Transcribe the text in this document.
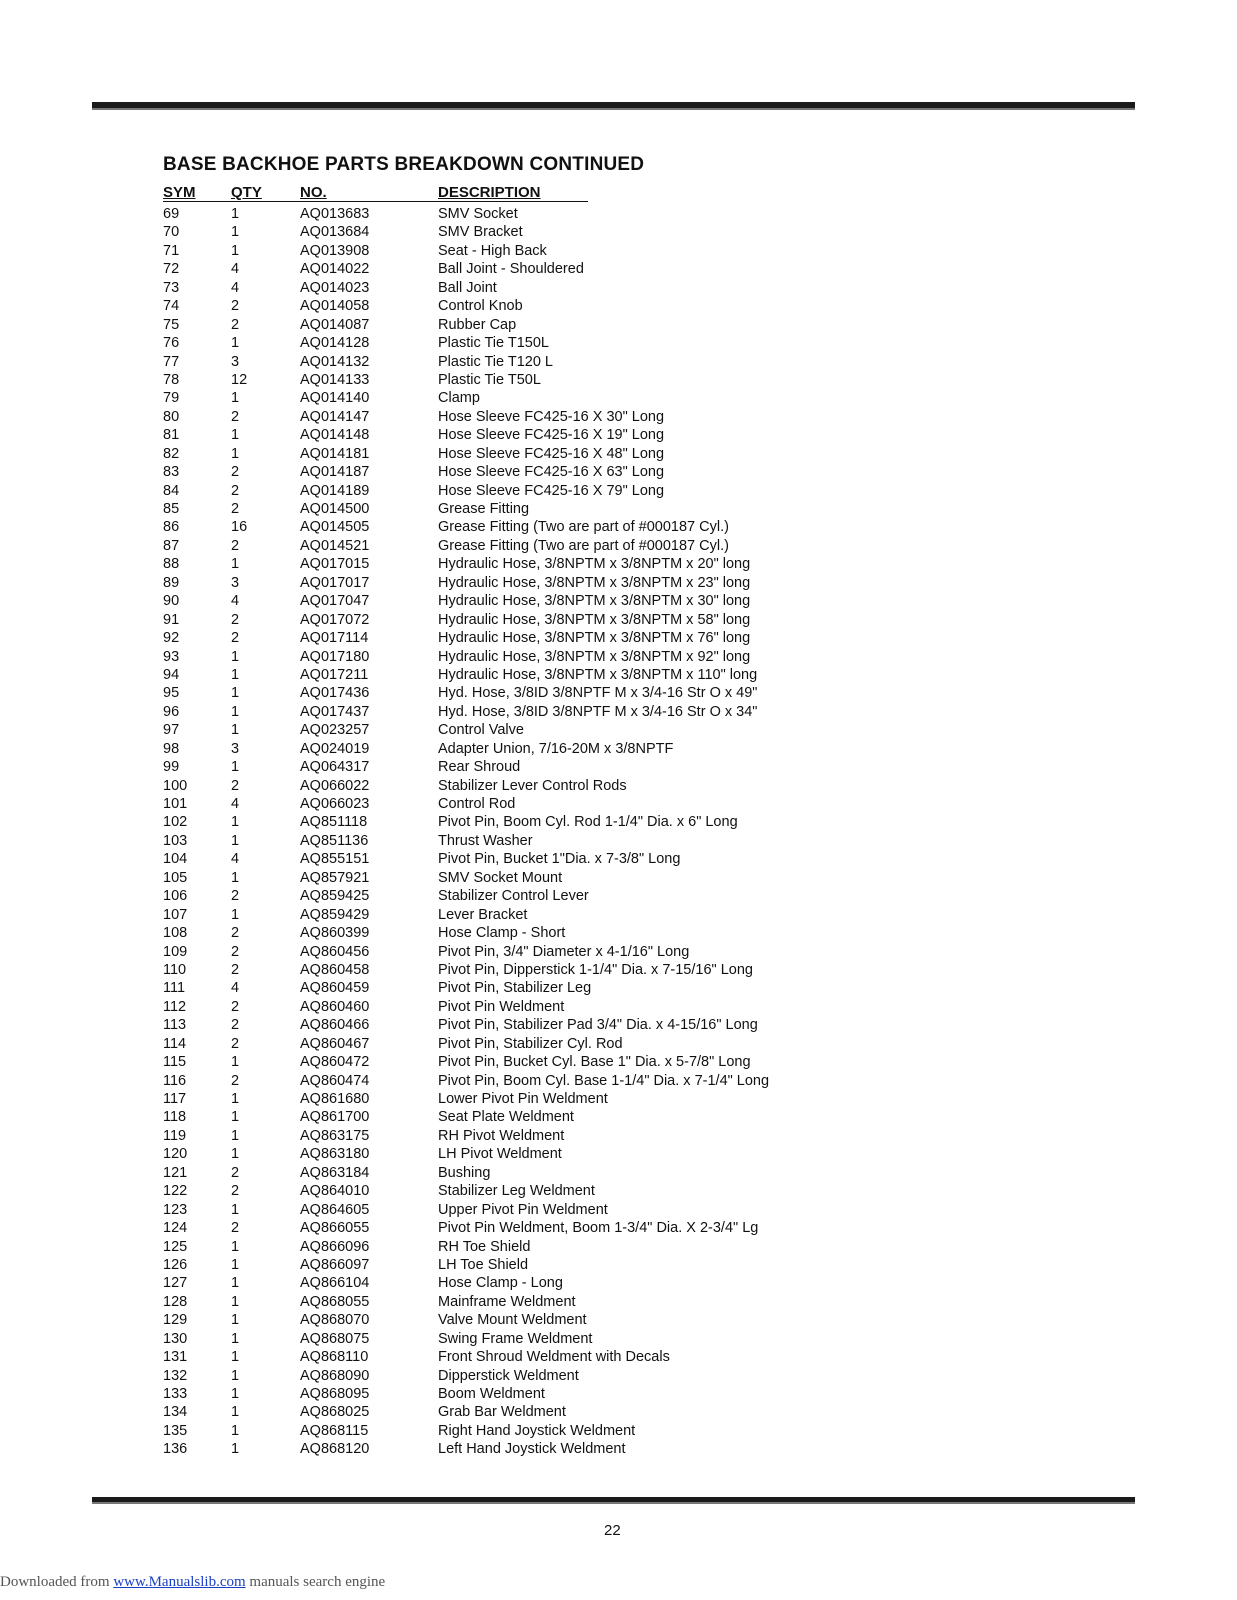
BASE BACKHOE PARTS BREAKDOWN CONTINUED
SYM QTY	NO.	DESCRIPTION
69	1	AQ013683	SMV Socket
70	1	AQ013684	SMV Bracket
71	1	AQ013908	Seat - High Back
72	4	AQ014022	Ball Joint - Shouldered
73	4	AQ014023	Ball Joint
74	2	AQ014058	Control Knob
75	2	AQ014087	Rubber Cap
76	1	AQ014128	Plastic Tie T150L
77	3	AQ014132	Plastic Tie T120 L
78	12	AQ014133	Plastic Tie T50L
79	1	AQ014140	Clamp
80	2	AQ014147	Hose Sleeve FC425-16 X 30" Long
81	1	AQ014148	Hose Sleeve FC425-16 X 19" Long
82	1	AQ014181	Hose Sleeve FC425-16 X 48" Long
83	2	AQ014187	Hose Sleeve FC425-16 X 63" Long
84	2	AQ014189	Hose Sleeve FC425-16 X 79" Long
85	2	AQ014500	Grease Fitting
86	16	AQ014505	Grease Fitting (Two are part of #000187 Cyl.)
87	2	AQ014521	Grease Fitting (Two are part of #000187 Cyl.)
88	1	AQ017015	Hydraulic Hose, 3/8NPTM x 3/8NPTM x 20" long
89	3	AQ017017	Hydraulic Hose, 3/8NPTM x 3/8NPTM x 23" long
90	4	AQ017047	Hydraulic Hose, 3/8NPTM x 3/8NPTM x 30" long
91	2	AQ017072	Hydraulic Hose, 3/8NPTM x 3/8NPTM x 58" long
92	2	AQ017114	Hydraulic Hose, 3/8NPTM x 3/8NPTM x 76" long
93	1	AQ017180	Hydraulic Hose, 3/8NPTM x 3/8NPTM x 92" long
94	1	AQ017211	Hydraulic Hose, 3/8NPTM x 3/8NPTM x 110" long
95	1	AQ017436	Hyd. Hose, 3/8ID 3/8NPTF M x 3/4-16 Str O x 49"
96	1	AQ017437	Hyd. Hose, 3/8ID 3/8NPTF M x 3/4-16 Str O x 34"
97	1	AQ023257	Control Valve
98	3	AQ024019	Adapter Union, 7/16-20M x 3/8NPTF
99	1	AQ064317	Rear Shroud
100	2	AQ066022	Stabilizer Lever Control Rods
101	4	AQ066023	Control Rod
102	1	AQ851118	Pivot Pin, Boom Cyl. Rod 1-1/4" Dia. x 6" Long
103	1	AQ851136	Thrust Washer
104	4	AQ855151	Pivot Pin, Bucket 1"Dia. x 7-3/8" Long
105	1	AQ857921	SMV Socket Mount
106	2	AQ859425	Stabilizer Control Lever
107	1	AQ859429	Lever Bracket
108	2	AQ860399	Hose Clamp - Short
109	2	AQ860456	Pivot Pin, 3/4" Diameter x 4-1/16" Long
110	2	AQ860458	Pivot Pin, Dipperstick 1-1/4" Dia. x 7-15/16" Long
111	4	AQ860459	Pivot Pin, Stabilizer Leg
112	2	AQ860460	Pivot Pin Weldment
113	2	AQ860466	Pivot Pin, Stabilizer Pad 3/4" Dia. x 4-15/16" Long
114	2	AQ860467	Pivot Pin, Stabilizer Cyl. Rod
115	1	AQ860472	Pivot Pin, Bucket Cyl. Base 1" Dia. x 5-7/8" Long
116	2	AQ860474	Pivot Pin, Boom Cyl. Base 1-1/4" Dia. x 7-1/4" Long
117	1	AQ861680	Lower Pivot Pin Weldment
118	1	AQ861700	Seat Plate Weldment
119	1	AQ863175	RH Pivot Weldment
120	1	AQ863180	LH Pivot Weldment
121	2	AQ863184	Bushing
122	2	AQ864010	Stabilizer Leg Weldment
123	1	AQ864605	Upper Pivot Pin Weldment
124	2	AQ866055	Pivot Pin Weldment, Boom 1-3/4" Dia. X 2-3/4" Lg
125	1	AQ866096	RH Toe Shield
126	1	AQ866097	LH Toe Shield
127	1	AQ866104	Hose Clamp - Long
128	1	AQ868055	Mainframe Weldment
129	1	AQ868070	Valve Mount Weldment
130	1	AQ868075	Swing Frame Weldment
131	1	AQ868110	Front Shroud Weldment with Decals
132	1	AQ868090	Dipperstick Weldment
133	1	AQ868095	Boom Weldment
134	1	AQ868025	Grab Bar Weldment
135	1	AQ868115	Right Hand Joystick Weldment
136	1	AQ868120	Left Hand Joystick Weldment
22
Downloaded from www.Manualslib.com manuals search engine
